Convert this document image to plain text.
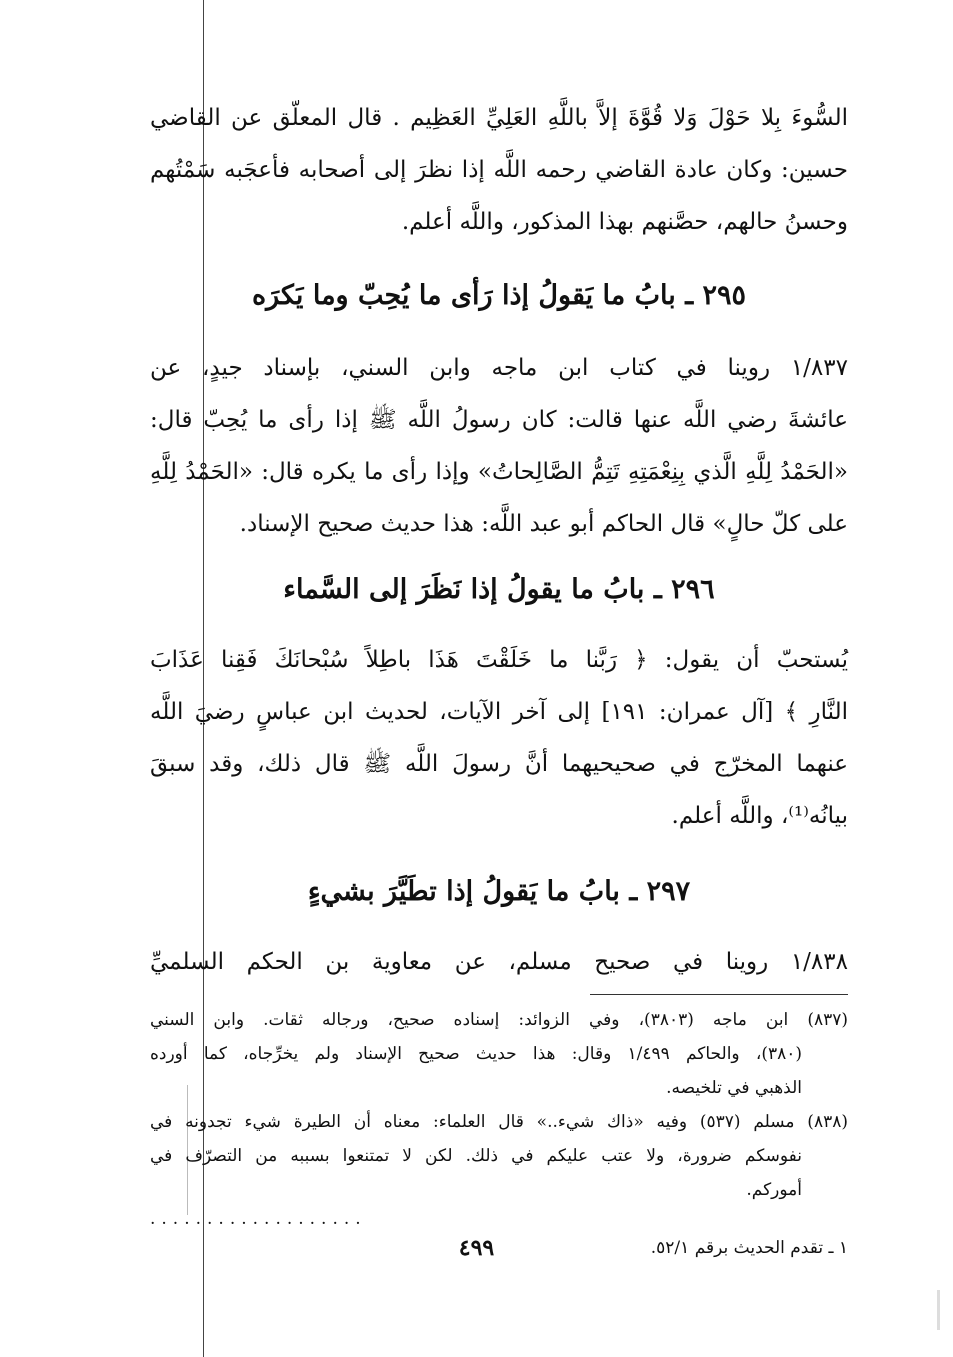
السُّوءَ بِلا حَوْلَ وَلا قُوَّةَ إلاَّ باللَّهِ العَلِيِّ العَظِيم . قال المعلّق عن القاضي
حسين: وكان عادة القاضي رحمه اللَّه إذا نظرَ إلى أصحابه فأعجَبه سَمْتُهم
وحسنُ حالهم، حصَّنهم بهذا المذكور، واللَّه أعلم.
٢٩٥ ـ بابُ ما يَقولُ إذا رَأى ما يُحِبّ وما يَكرَه
١/٨٣٧ روينا في كتاب ابن ماجه وابن السني، بإسناد جيدٍ، عن
عائشةَ رضي اللَّه عنها قالت: كان رسولُ اللَّه ﷺ إذا رأى ما يُحِبّ قال:
«الحَمْدُ لِلَّهِ الَّذي بِنِعْمَتِهِ تَتِمُّ الصَّالِحاتُ» وإذا رأى ما يكره قال: «الحَمْدُ لِلَّهِ
على كلّ حالٍ» قال الحاكم أبو عبد اللَّه: هذا حديث صحيح الإسناد.
٢٩٦ ـ بابُ ما يقولُ إذا نَظَرَ إلى السَّماء
يُستحبّ أن يقول: ﴿ رَبَّنا ما خَلَقْتَ هَذَا باطِلاً سُبْحانَكَ فَقِنا عَذَابَ
النَّارِ ﴾ [آل عمران: ١٩١] إلى آخر الآيات، لحديث ابن عباسٍ رضيَ اللَّه
عنهما المخرّج في صحيحيهما أنَّ رسولَ اللَّه ﷺ قال ذلك، وقد سبقَ
بيانُه⁽¹⁾، واللَّه أعلم.
٢٩٧ ـ بابُ ما يَقولُ إذا تطَيَّرَ بشيءٍ
١/٨٣٨ روينا في صحيح مسلم، عن معاوية بن الحكم السلميِّ
(٨٣٧) ابن ماجه (٣٨٠٣)، وفي الزوائد: إسناده صحيح، ورجاله ثقات. وابن السني
(٣٨٠)، والحاكم ١/٤٩٩ وقال: هذا حديث صحيح الإسناد ولم يخرِّجاه، كما أورده
الذهبي في تلخيصه.
(٨٣٨) مسلم (٥٣٧) وفيه «ذاك شيء..» قال العلماء: معناه أن الطيرة شيء تجدونه في
نفوسكم ضرورة، ولا عتب عليكم في ذلك. لكن لا تمتنعوا بسببه من التصرّف في
أموركم.
...................
١ ـ تقدم الحديث برقم ٥٢/١.
٤٩٩
